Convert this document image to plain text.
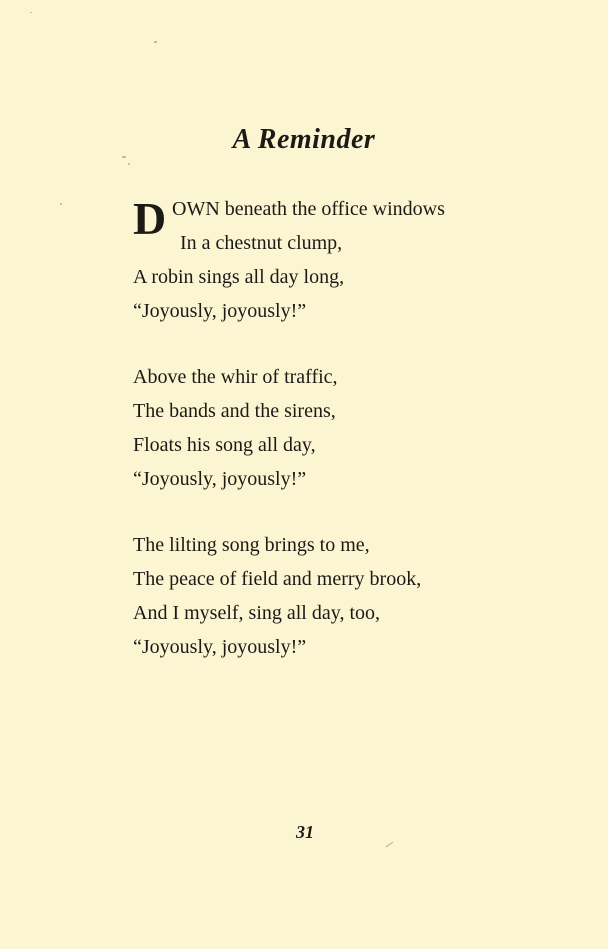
A Reminder
D OWN beneath the office windows
In a chestnut clump,
A robin sings all day long,
“Joyously, joyously!”
Above the whir of traffic,
The bands and the sirens,
Floats his song all day,
“Joyously, joyously!”
The lilting song brings to me,
The peace of field and merry brook,
And I myself, sing all day, too,
“Joyously, joyously!”
31
